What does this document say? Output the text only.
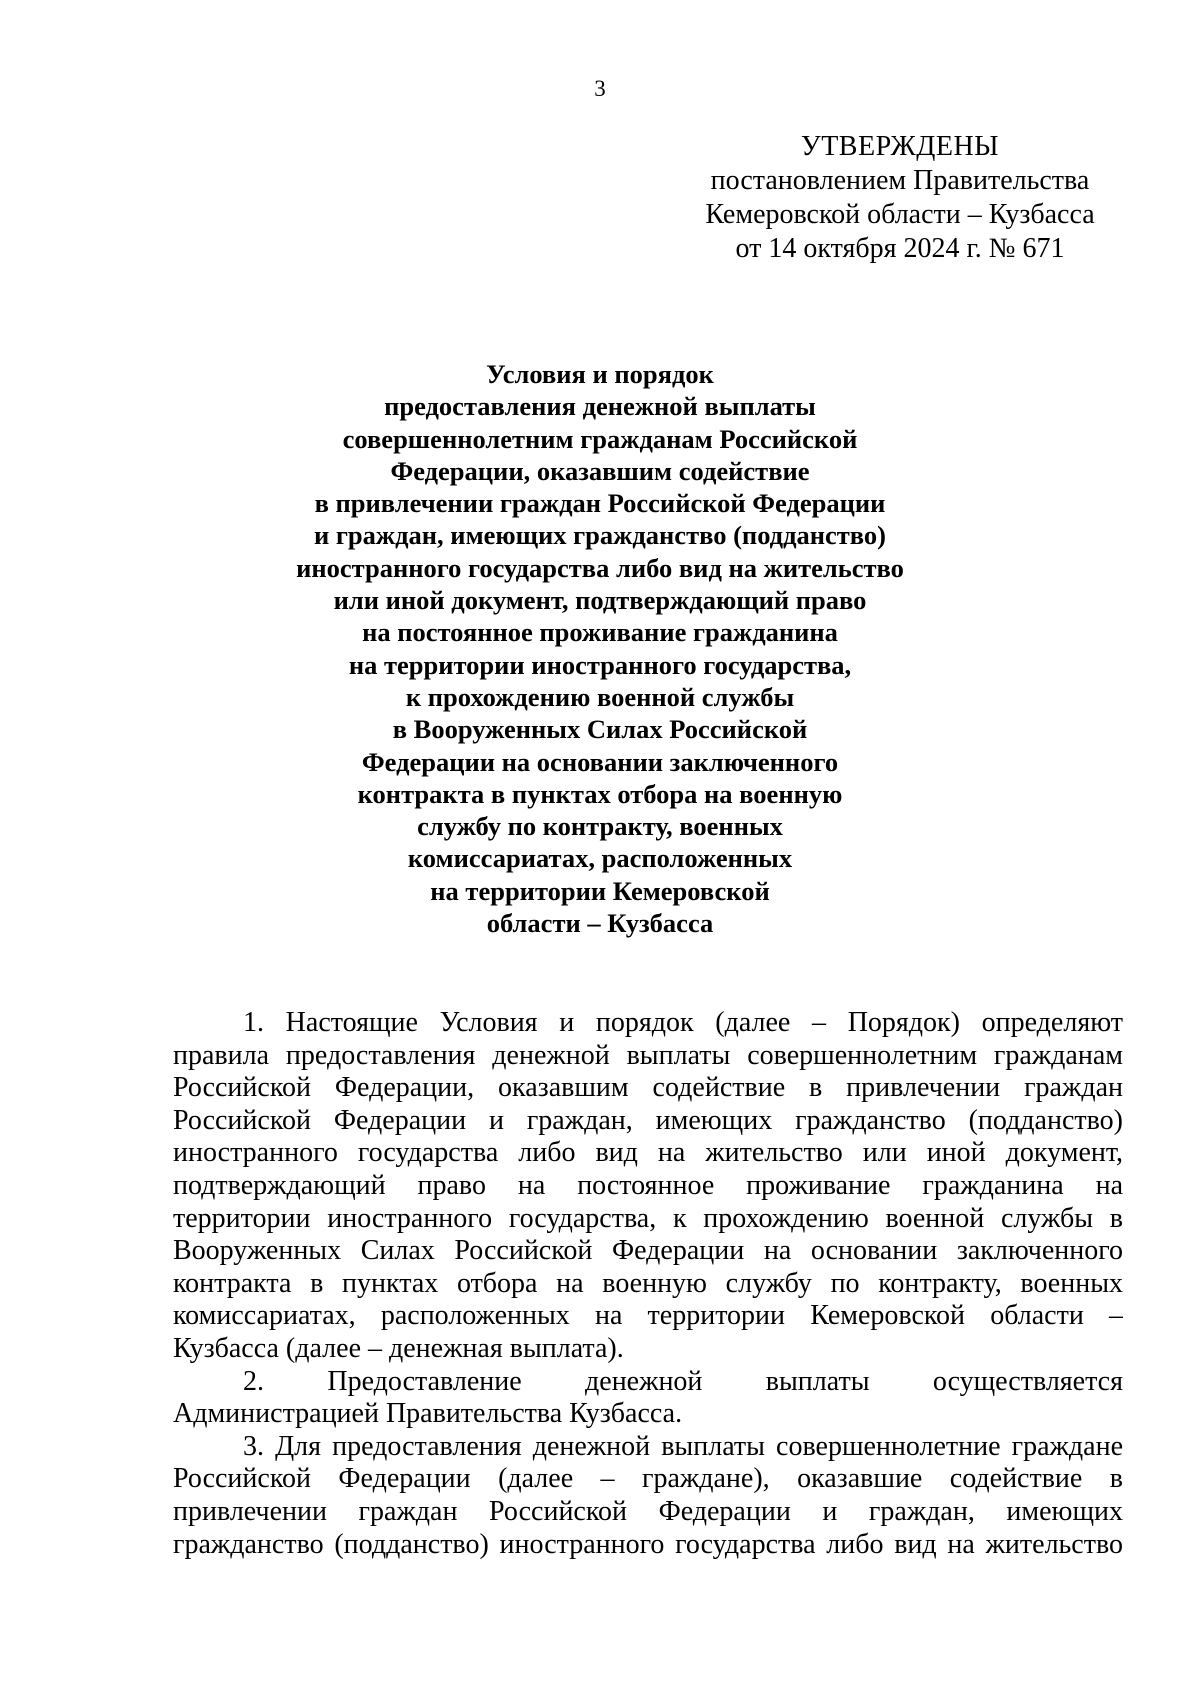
3
УТВЕРЖДЕНЫ
постановлением Правительства
Кемеровской области – Кузбасса
от 14 октября 2024 г. № 671
Условия и порядок
предоставления денежной выплаты
совершеннолетним гражданам Российской
Федерации, оказавшим содействие
в привлечении граждан Российской Федерации
и граждан, имеющих гражданство (подданство)
иностранного государства либо вид на жительство
или иной документ, подтверждающий право
на постоянное проживание гражданина
на территории иностранного государства,
к прохождению военной службы
в Вооруженных Силах Российской
Федерации на основании заключенного
контракта в пунктах отбора на военную
службу по контракту, военных
комиссариатах, расположенных
на территории Кемеровской
области – Кузбасса
1. Настоящие Условия и порядок (далее – Порядок) определяют
правила предоставления денежной выплаты совершеннолетним гражданам
Российской Федерации, оказавшим содействие в привлечении граждан
Российской Федерации и граждан, имеющих гражданство (подданство)
иностранного государства либо вид на жительство или иной документ,
подтверждающий право на постоянное проживание гражданина на
территории иностранного государства, к прохождению военной службы в
Вооруженных Силах Российской Федерации на основании заключенного
контракта в пунктах отбора на военную службу по контракту, военных
комиссариатах, расположенных на территории Кемеровской области –
Кузбасса (далее – денежная выплата).
2. Предоставление денежной выплаты осуществляется
Администрацией Правительства Кузбасса.
3. Для предоставления денежной выплаты совершеннолетние граждане
Российской Федерации (далее – граждане), оказавшие содействие в
привлечении граждан Российской Федерации и граждан, имеющих
гражданство (подданство) иностранного государства либо вид на жительство
